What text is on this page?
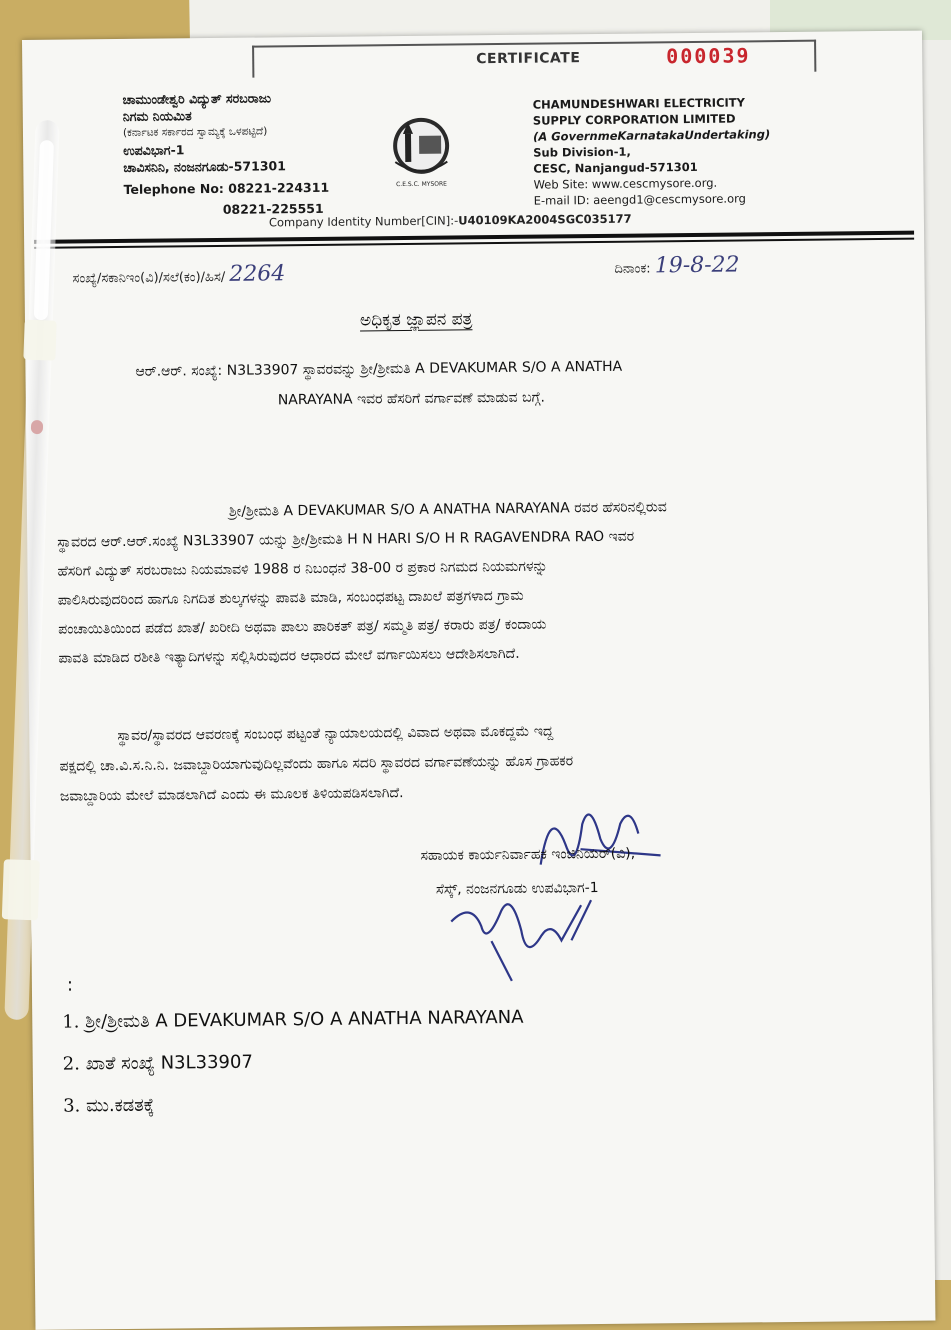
CERTIFICATE	000039
ಚಾಮುಂಡೇಶ್ವರಿ ವಿದ್ಯುತ್ ಸರಬರಾಜು
ನಿಗಮ ನಿಯಮಿತ
(ಕರ್ನಾಟಕ ಸರ್ಕಾರದ ಸ್ವಾಮ್ಯಕ್ಕೆ ಒಳಪಟ್ಟಿದೆ)
ಉಪವಿಭಾಗ-1
ಚಾವಿಸನಿನಿ, ನಂಜನಗೂಡು-571301
Telephone No: 08221-224311
08221-225551
C.E.S.C. MYSORE
CHAMUNDESHWARI ELECTRICITY
SUPPLY CORPORATION LIMITED
(A GovernmeKarnatakaUndertaking)
Sub Division-1,
CESC, Nanjangud-571301
Web Site: www.cescmysore.org.
E-mail ID: aeengd1@cescmysore.org
Company Identity Number[CIN]:-U40109KA2004SGC035177
ಸಂಖ್ಯೆ/ಸಕಾನಿಇಂ(ವಿ)/ಸಲೆ(ಕಂ)/ಹಿಸ/ 2264	ದಿನಾಂಕ: 19-8-22
ಅಧಿಕೃತ ಜ್ಞಾಪನ ಪತ್ರ
ಆರ್.ಆರ್. ಸಂಖ್ಯೆ: N3L33907 ಸ್ಥಾವರವನ್ನು ಶ್ರೀ/ಶ್ರೀಮತಿ A DEVAKUMAR S/O A ANATHA
NARAYANA ಇವರ ಹೆಸರಿಗೆ ವರ್ಗಾವಣೆ ಮಾಡುವ ಬಗ್ಗೆ.
ಶ್ರೀ/ಶ್ರೀಮತಿ A DEVAKUMAR S/O A ANATHA NARAYANA ರವರ ಹೆಸರಿನಲ್ಲಿರುವ
ಸ್ಥಾವರದ ಆರ್.ಆರ್.ಸಂಖ್ಯೆ N3L33907 ಯನ್ನು ಶ್ರೀ/ಶ್ರೀಮತಿ H N HARI S/O H R RAGAVENDRA RAO ಇವರ
ಹೆಸರಿಗೆ ವಿದ್ಯುತ್ ಸರಬರಾಜು ನಿಯಮಾವಳಿ 1988 ರ ನಿಬಂಧನೆ 38-00 ರ ಪ್ರಕಾರ ನಿಗಮದ ನಿಯಮಗಳನ್ನು
ಪಾಲಿಸಿರುವುದರಿಂದ ಹಾಗೂ ನಿಗದಿತ ಶುಲ್ಕಗಳನ್ನು ಪಾವತಿ ಮಾಡಿ, ಸಂಬಂಧಪಟ್ಟ ದಾಖಲೆ ಪತ್ರಗಳಾದ ಗ್ರಾಮ
ಪಂಚಾಯಿತಿಯಿಂದ ಪಡೆದ ಖಾತೆ/ ಖರೀದಿ ಅಥವಾ ಪಾಲು ಪಾರಿಕತ್ ಪತ್ರ/ ಸಮ್ಮತಿ ಪತ್ರ/ ಕರಾರು ಪತ್ರ/ ಕಂದಾಯ
ಪಾವತಿ ಮಾಡಿದ ರಶೀತಿ ಇತ್ಯಾದಿಗಳನ್ನು ಸಲ್ಲಿಸಿರುವುದರ ಆಧಾರದ ಮೇಲೆ ವರ್ಗಾಯಿಸಲು ಆದೇಶಿಸಲಾಗಿದೆ.
ಸ್ಥಾವರ/ಸ್ಥಾವರದ ಆವರಣಕ್ಕೆ ಸಂಬಂಧ ಪಟ್ಟಂತೆ ನ್ಯಾಯಾಲಯದಲ್ಲಿ ವಿವಾದ ಅಥವಾ ಮೊಕದ್ದಮೆ ಇದ್ದ
ಪಕ್ಷದಲ್ಲಿ ಚಾ.ವಿ.ಸ.ನಿ.ನಿ. ಜವಾಬ್ದಾರಿಯಾಗುವುದಿಲ್ಲವೆಂದು ಹಾಗೂ ಸದರಿ ಸ್ಥಾವರದ ವರ್ಗಾವಣೆಯನ್ನು ಹೊಸ ಗ್ರಾಹಕರ
ಜವಾಬ್ದಾರಿಯ ಮೇಲೆ ಮಾಡಲಾಗಿದೆ ಎಂದು ಈ ಮೂಲಕ ತಿಳಿಯಪಡಿಸಲಾಗಿದೆ.
ಸಹಾಯಕ ಕಾರ್ಯನಿರ್ವಾಹಕ ಇಂಜಿನಿಯರ್(ವಿ),
ಸೆಸ್ಕ್, ನಂಜನಗೂಡು ಉಪವಿಭಾಗ-1
:
1. ಶ್ರೀ/ಶ್ರೀಮತಿ A DEVAKUMAR S/O A ANATHA NARAYANA
2. ಖಾತೆ ಸಂಖ್ಯೆ N3L33907
3. ಮು.ಕಡತಕ್ಕೆ
